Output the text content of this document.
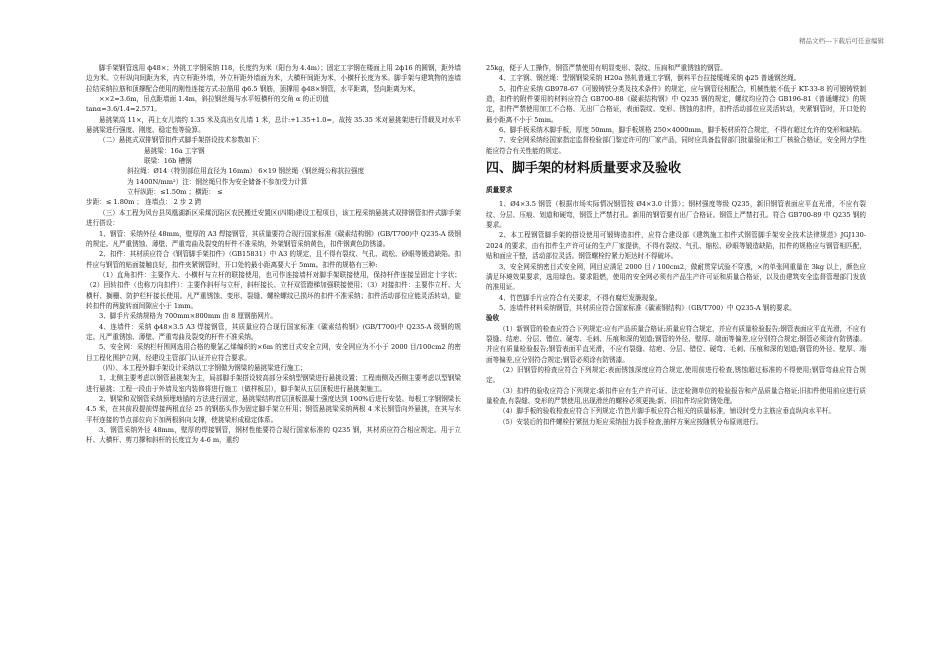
精品文档---下载后可任意编辑

脚手架钢管选用 ф48×；外挑工字钢采纳 I18，长度约为米（阳台为 4.4m）；固定工字钢在楼面上用 2ф16 的圆钢，距外墙边为米。立杆纵向间距为米，内立杆距外墙，外立杆距外墙面为米，大横杆间距为米，小横杆长度为米。脚手架与建筑物的连墙拉结采纳拉筋和顶撑配合使用的刚性连接方式:拉筋用 ф6.5 钢筋，顶撑用 ф48×钢管，水平距离，竖向距离为米。

××2=3.6m，吊点距墙面 1.4m，斜拉钢丝绳与水平短横杆的交角 α 的正切值

tanα=3.6/1.4=2.571。

悬挑架高 11×，再上女儿墙约 1.35 米及高出女儿墙 1 米，总计:+1.35+1.0=，故按 35.35 米对悬挑架进行背载及对水平悬挑梁进行强度、刚度、稳定性等验算。

（二）悬挑式双排钢管扣件式脚手架搭设技术参数如下：

悬挑梁：16a 工字钢

联梁：16b 槽钢

斜拉绳：Ø14（特别部位用直径为 16mm） 6×19 钢丝绳（钢丝绳公称抗拉强度

为 1400N/mm²）注：钢丝绳只作为安全储备不参加受力计算

立杆纵距：≤1.50m ；横距： ≤

步距：≤ 1.80m ； 连墙点： 2 步 2 跨

（三）本工程为风台县凤凰湖新区采煤沉陷区农民搬迁安置区(四期)建设工程项目，该工程采纳悬挑式双排钢管扣件式脚手架进行搭设：

1、钢管：采纳外径 48mm，壁厚的 A3 焊接钢管，其质量要符合现行国家标准《碳素结构钢》(GB/T700)中 Q235-A 级钢的规定。凡严重锈蚀、薄壁、严重弯曲及裂变的杆件不准采纳，外架钢管采纳黄色，扣件钢黄色防锈漆。

2、扣件：其材质应符合《钢管脚手架扣件》（GB15831）中 A3 的规定，且不得有裂纹、气孔、疏松、砂眼等锻造缺陷。扣件应与钢管的贴面接触良好，扣件夹紧钢管时，开口处的最小距离要大于 5mm。扣件的规格有三种:

（1）直角扣件：主要作大、小横杆与立杆的联接使用，也可作连接墙杆对脚手架联接使用，保持杆件连接呈固定十字状；（2）回转扣件（也称万向扣件）：主要作斜杆与立杆，斜杆接长、立杆双管蹬梯加强联接使用；（3）对接扣件：主要作立杆、大横杆、搁栅、防护栏杆接长使用。凡严重锈蚀、变形、裂缝、螺栓螺纹已损坏的扣件不准采纳；扣件活动部位应能灵活转动，旋转扣件的两旋转面间隙应小于 1mm。

3、脚手片采纳规格为 700mm×800mm 由 8 厘钢筋网片。

4、连墙件：采纳 ф48×3.5 A3 焊接钢管，其质量应符合现行国家标准《碳素结构钢》(GB/T700)中 Q235-A 级钢的规定。凡严重锈蚀、薄壁、严重弯曲及裂变的杆件不准采纳。

5、安全网：采纳栏杆围网选用合格的聚氯乙烯编织的×6m 的密目式安全立网，安全网应为不小于 2000 目/100cm2 的密目工程化围护立网，经建设主管部门认证并应符合要求。

（四）、本工程外脚手架设计采纳以工字钢做为钢梁的悬挑梁进行施工；

1、北侧主要考虑以钢管悬挑架为主，局部脚手架搭设较高部分采纳型钢梁进行悬挑设置；工程南侧及西侧主要考虑以型钢梁进行悬挑；工程一段由于外墙及室内装修将进行施工（做样板层），脚手架从五层顶板进行悬挑架施工。

2、钢梁和双钢管采纳预埋地锚的方法进行固定，悬挑梁结构首层顶板混凝土强度达到 100%后进行安装。每根工字钢钢梁长 4.5 米，在其前段提前焊接两根直径 25 的钢筋头作为固定脚手架立杆用；钢管悬挑梁采纳两根 4 米长钢管向外悬挑，在其与水平杆连接的节点部位向下加两根斜向支撑，使挑梁形成稳定体系。

3、钢管采纳外径 48mm，壁厚的焊接钢管，钢材性能要符合现行国家标准的 Q235 钢，其材质应符合相应规定。用于立杆、大横杆、剪刀撑和斜杆的长度宜为 4-6 m，重约

25kg，便于人工操作，钢管严禁使用有明显变形、裂纹、压扁和严重锈蚀的钢管。

4、工字钢、钢丝绳：型钢钢梁采纳 H20a 热轧普通工字钢，倒料平台拉接缆绳采纳 ф25 普通钢丝绳。

5、扣件应采纳 GB978-67《可锻铸铁分类及技术条件》的规定，应与钢管径相配合，机械性能不低于 KT-33-8 的可锻铸铁制造，扣件的附件要用的材料应符合 GB700-88《碳素结构钢》中 Q235 钢的规定，螺纹均应符合 GB196-81《普通螺纹》的规定，扣件严禁使用加工不合格、无出厂合格证，表面裂纹、变形、锈蚀的扣件，扣件活动部位应灵活转动，夹紧钢管时，开口处的最小距离不小于 5mm。

6、脚手板采纳木脚手板，厚度 50mm，脚手板规格 250×4000mm，脚手板材质符合规定，不得有超过允许的变形和缺陷。

7、安全网采纳经国家指定监督检验部门鉴定许可的厂家产品，同时应具备监督部门批量验证和工厂核验合格证，安全网力学性能应符合有关性能的规定。

四、脚手架的材料质量要求及验收

质量要求

1、Ø4×3.5 钢管（根据市场实际情况钢管按 Ø4×3.0 计算）；钢材强度等级 Q235，新旧钢管表面应平直光滑，不应有裂纹、分层、压痕、划道和硬弯，钢管上严禁打孔。新用的钢管要有出厂合格证。钢管上严禁打孔。符合 GB700-89 中 Q235 钢的要求。

2、本工程钢管脚手架的搭设使用可锻铸造扣件，应符合建设部《建筑施工扣件式钢管脚手架安全技术法律规范》JGJ130-2024 的要求，由有扣件生产许可证的生产厂家提供，不得有裂纹、气孔、缩松、砂眼等锻造缺陷，扣件的规格应与钢管相匹配，贴和面应干整，活动部位灵活。钢管螺栓拧紧力矩达时不得破坏。

3、安全网采纳密目式安全网，网目应满足 2000 目 / 100cm2，做耐贯穿试验不穿透，×的单张网重量在 3kg 以上，颜色应满足环境效果要求，选用绿色。要求阻燃，使用的安全网必须有产品生产许可证和质量合格证，以及由建筑安全监督管理部门发放的准用证。

4、竹笆脚手片应符合有关要求，不得有腐烂发脆现象。

5、连墙件材料采纳钢管，其材质应符合国家标准《碳素钢结构》（GB/T700）中 Q235-A 钢的要求。

验收

（1）新钢管的检查应符合下列规定:应有产品质量合格证;质量应符合规定，并应有质量检验报告;钢管表面应平直光滑，不应有裂缝、结疤、分层、错位、硬弯、毛刺、压痕和深的划道;钢管的外径、壁厚、端面等偏差,应分别符合规定;钢管必须涂有防锈漆。并应有质量检验报告;钢管表面平直光滑，不应有裂缝、结疤、分层、错位、硬弯、毛刺、压痕和深的划道;钢管的外径、壁厚、端面等偏差,应分别符合规定;钢管必须涂有防锈漆。

（2）旧钢管的检查应符合下列规定:表面锈蚀深度应符合规定,使用前进行检查,锈蚀超过标准的不得使用;钢管弯曲应符合规定。

（3）扣件的验收应符合下列规定:新扣件应有生产许可证、法定检测单位的检验报告和产品质量合格证;旧扣件使用前应进行质量检查,有裂缝、变形的严禁使用,出现滑丝的螺栓必须更换;新、旧扣件均应防锈处理。

（4）脚手板的验收检查应符合下列规定:竹笆片脚手板应符合相关的质量标准，铺设时受力主筋应垂直纵向水平杆。

（5）安装后的扣件螺栓拧紧扭力矩应采纳扭力扳手检查,抽样方案应按随机分布原则进行。
